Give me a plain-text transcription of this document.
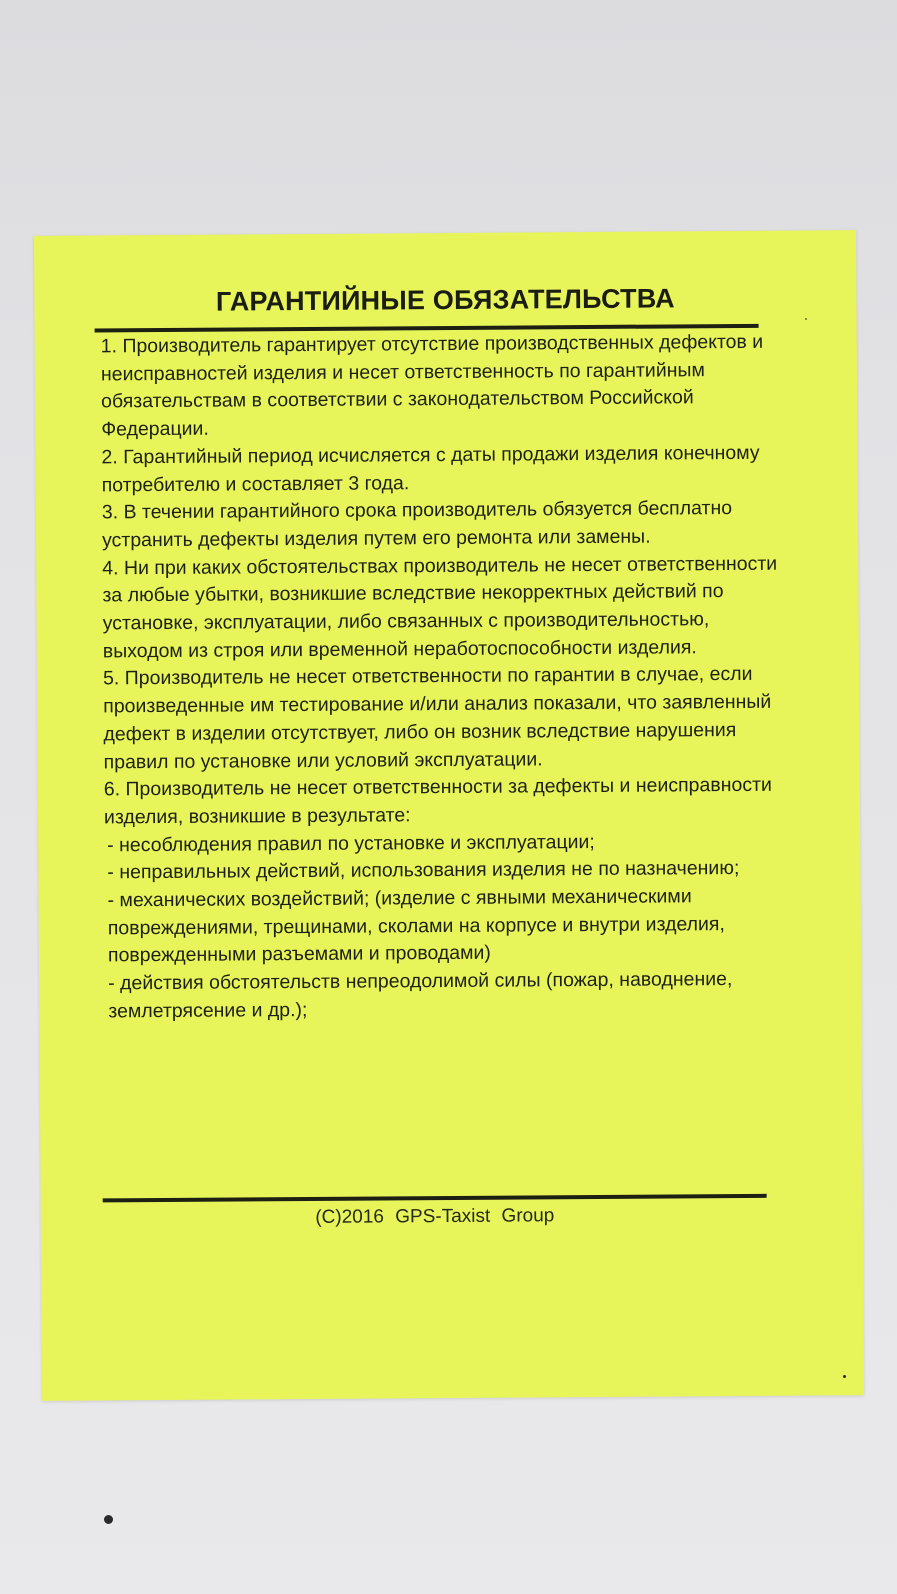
ГАРАНТИЙНЫЕ ОБЯЗАТЕЛЬСТВА
1. Производитель гарантирует отсутствие производственных дефектов и неисправностей изделия и несет ответственность по гарантийным обязательствам в соответствии с законодательством Российской Федерации.
2. Гарантийный период исчисляется с даты продажи изделия конечному потребителю и составляет 3 года.
3. В течении гарантийного срока производитель обязуется бесплатно устранить дефекты изделия путем его ремонта или замены.
4. Ни при каких обстоятельствах производитель не несет ответственности за любые убытки, возникшие вследствие некорректных действий по установке, эксплуатации, либо связанных с производительностью, выходом из строя или временной неработоспособности изделия.
5. Производитель не несет ответственности по гарантии в случае, если произведенные им тестирование и/или анализ показали, что заявленный дефект в изделии отсутствует, либо он возник вследствие нарушения правил по установке или условий эксплуатации.
6. Производитель не несет ответственности за дефекты и неисправности изделия, возникшие в результате:
- несоблюдения правил по установке и эксплуатации;
- неправильных действий, использования изделия не по назначению;
- механических воздействий; (изделие с явными механическими повреждениями, трещинами, сколами на корпусе и внутри изделия, поврежденными разъемами и проводами)
- действия обстоятельств непреодолимой силы (пожар, наводнение, землетрясение и др.);
(C)2016 GPS-Taxist Group
